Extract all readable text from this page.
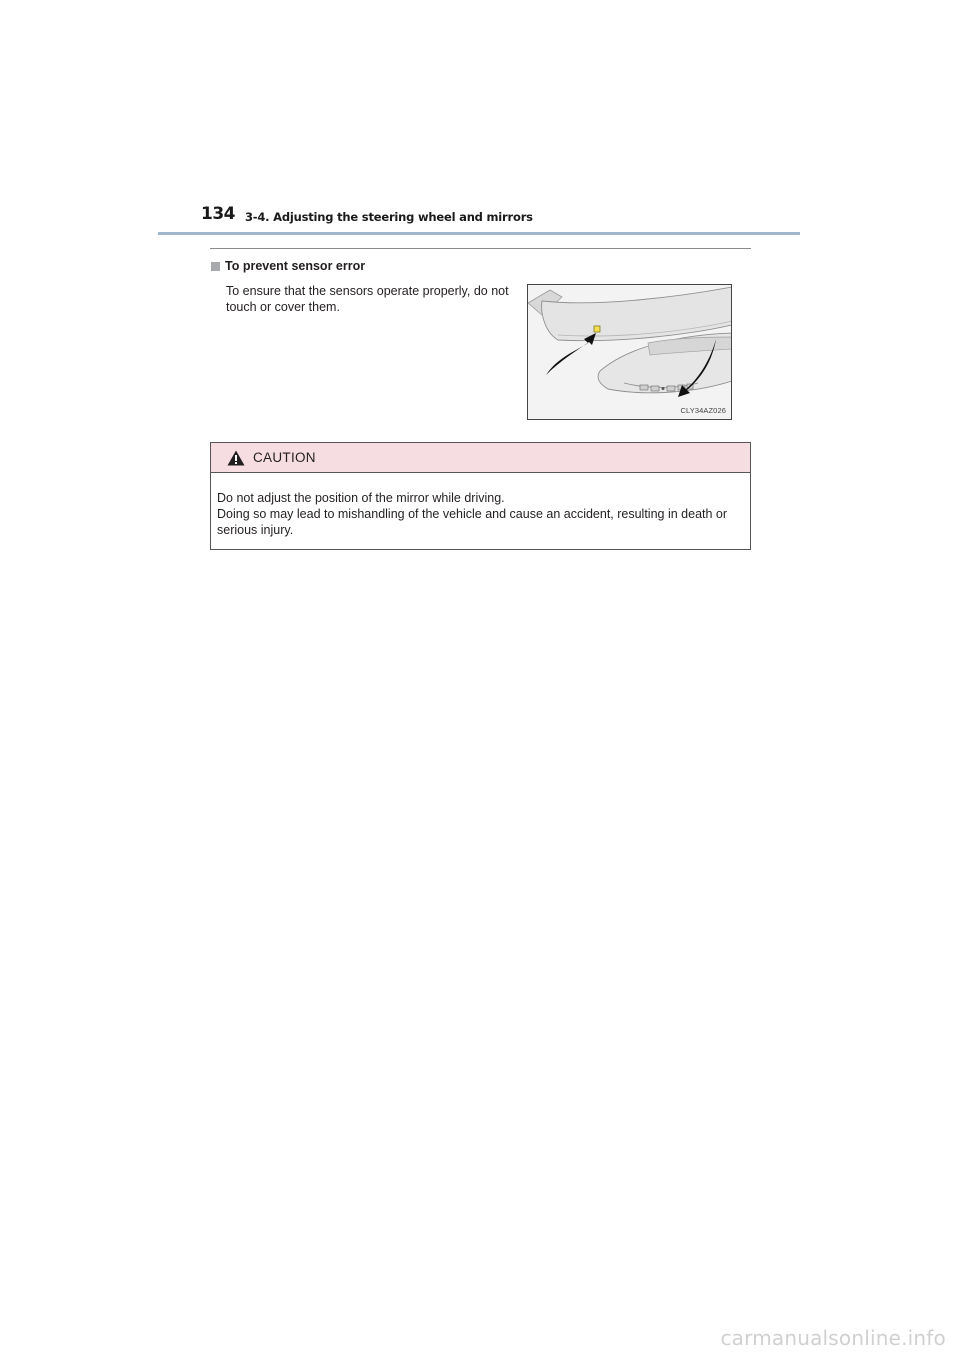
134 3-4. Adjusting the steering wheel and mirrors
To prevent sensor error
To ensure that the sensors operate properly, do not touch or cover them.
CLY34AZ026
CAUTION
Do not adjust the position of the mirror while driving.
Doing so may lead to mishandling of the vehicle and cause an accident, resulting in death or serious injury.
carmanualsonline.info
